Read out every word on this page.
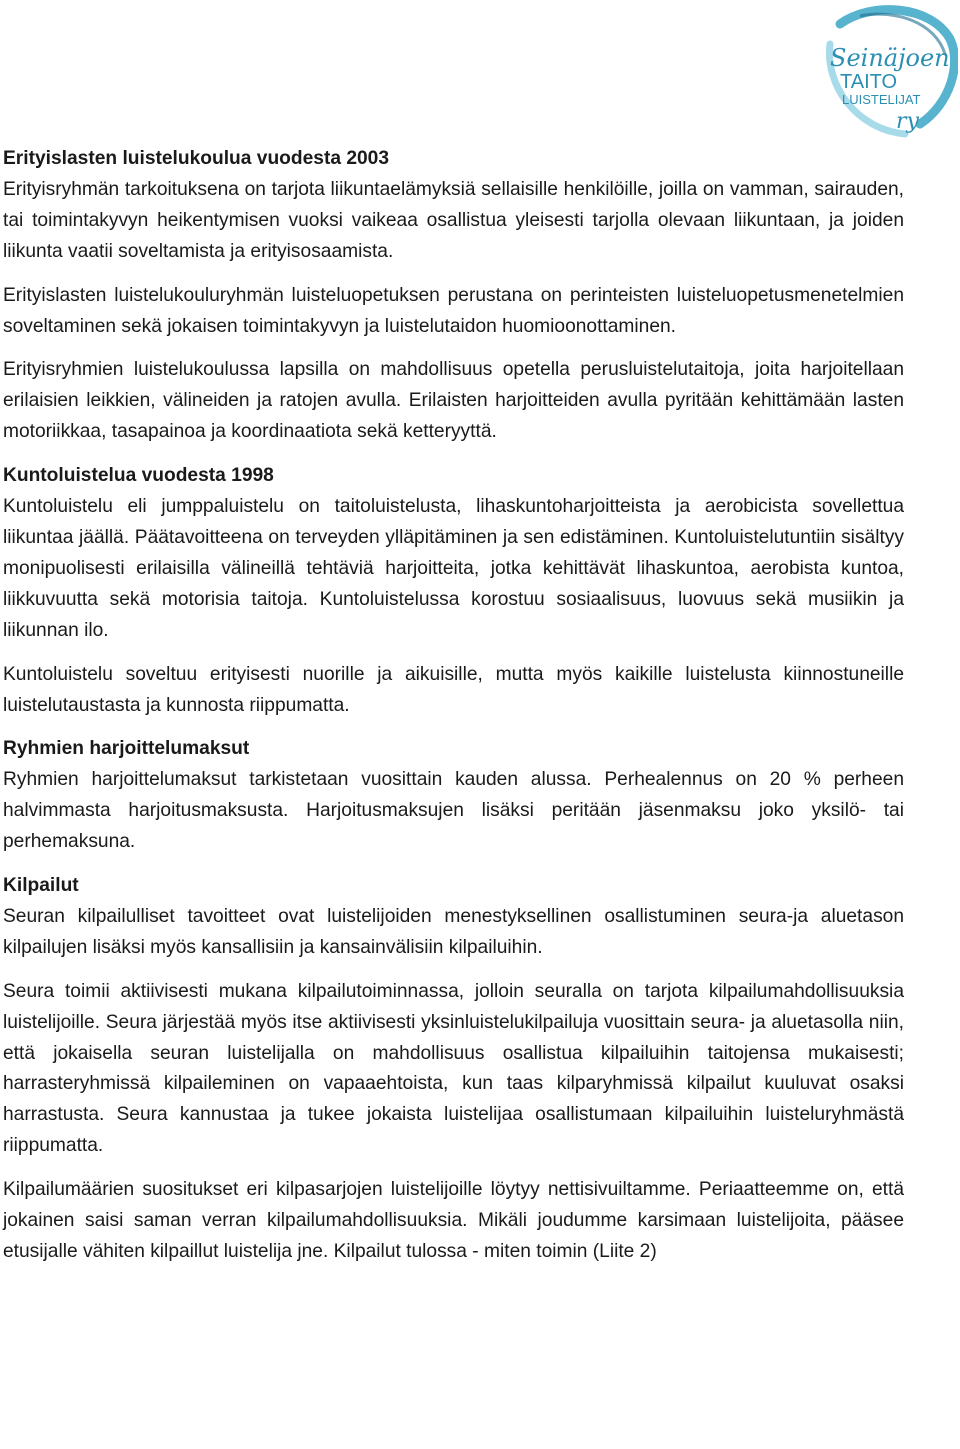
Seinäjoen
TAITO
LUISTELIJAT
ry
Erityislasten luistelukoulua vuodesta 2003

Erityisryhmän tarkoituksena on tarjota liikuntaelämyksiä sellaisille henkilöille, joilla on vamman, sairauden, tai toimintakyvyn heikentymisen vuoksi vaikeaa osallistua yleisesti tarjolla olevaan liikuntaan, ja joiden liikunta vaatii soveltamista ja erityisosaamista.

Erityislasten luistelukouluryhmän luisteluopetuksen perustana on perinteisten luisteluopetusmenetelmien soveltaminen sekä jokaisen toimintakyvyn ja luistelutaidon huomioonottaminen.

Erityisryhmien luistelukoulussa lapsilla on mahdollisuus opetella perusluistelutaitoja, joita harjoitellaan erilaisien leikkien, välineiden ja ratojen avulla. Erilaisten harjoitteiden avulla pyritään kehittämään lasten motoriikkaa, tasapainoa ja koordinaatiota sekä ketteryyttä.

Kuntoluistelua vuodesta 1998

Kuntoluistelu eli jumppaluistelu on taitoluistelusta, lihaskuntoharjoitteista ja aerobicista sovellettua liikuntaa jäällä. Päätavoitteena on terveyden ylläpitäminen ja sen edistäminen. Kuntoluistelutuntiin sisältyy monipuolisesti erilaisilla välineillä tehtäviä harjoitteita, jotka kehittävät lihaskuntoa, aerobista kuntoa, liikkuvuutta sekä motorisia taitoja. Kuntoluistelussa korostuu sosiaalisuus, luovuus sekä musiikin ja liikunnan ilo.

Kuntoluistelu soveltuu erityisesti nuorille ja aikuisille, mutta myös kaikille luistelusta kiinnostuneille luistelutaustasta ja kunnosta riippumatta.

Ryhmien harjoittelumaksut

Ryhmien harjoittelumaksut tarkistetaan vuosittain kauden alussa. Perhealennus on 20 % perheen halvimmasta harjoitusmaksusta. Harjoitusmaksujen lisäksi peritään jäsenmaksu joko yksilö- tai perhemaksuna.

Kilpailut

Seuran kilpailulliset tavoitteet ovat luistelijoiden menestyksellinen osallistuminen seura-ja aluetason kilpailujen lisäksi myös kansallisiin ja kansainvälisiin kilpailuihin.

Seura toimii aktiivisesti mukana kilpailutoiminnassa, jolloin seuralla on tarjota kilpailumahdollisuuksia luistelijoille. Seura järjestää myös itse aktiivisesti yksinluistelukilpailuja vuosittain seura- ja aluetasolla niin, että jokaisella seuran luistelijalla on mahdollisuus osallistua kilpailuihin taitojensa mukaisesti; harrasteryhmissä kilpaileminen on vapaaehtoista, kun taas kilparyhmissä kilpailut kuuluvat osaksi harrastusta. Seura kannustaa ja tukee jokaista luistelijaa osallistumaan kilpailuihin luisteluryhmästä riippumatta.

Kilpailumäärien suositukset eri kilpasarjojen luistelijoille löytyy nettisivuiltamme. Periaatteemme on, että jokainen saisi saman verran kilpailumahdollisuuksia. Mikäli joudumme karsimaan luistelijoita, pääsee etusijalle vähiten kilpaillut luistelija jne. Kilpailut tulossa - miten toimin (Liite 2)
